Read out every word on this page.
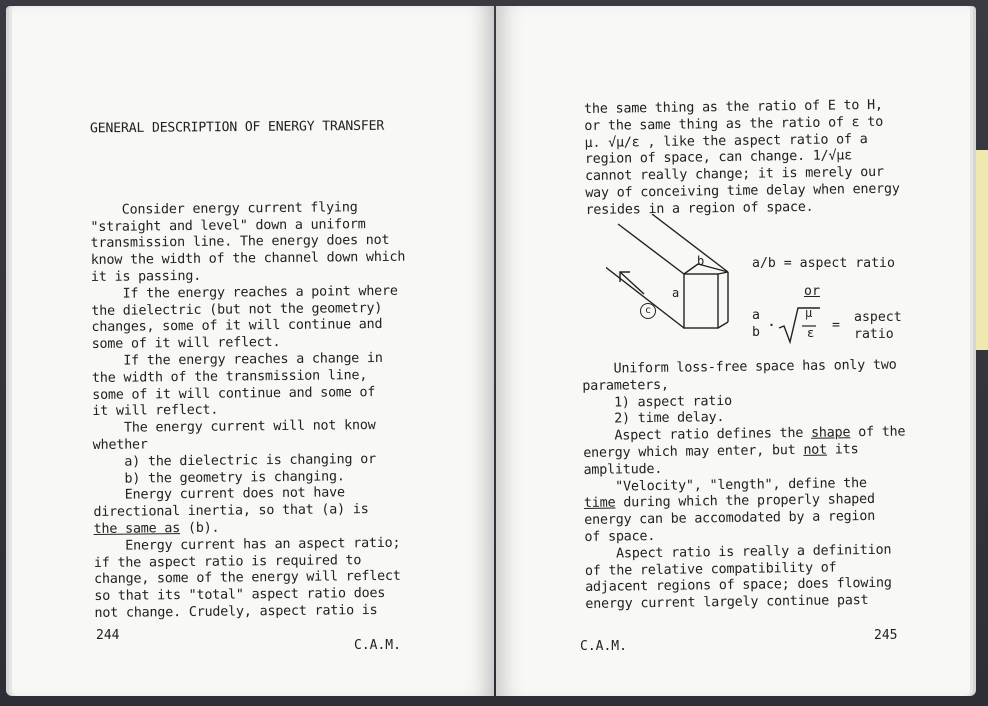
GENERAL DESCRIPTION OF ENERGY TRANSFER
Consider energy current flying
"straight and level" down a uniform
transmission line. The energy does not
know the width of the channel down which
it is passing.
If the energy reaches a point where
the dielectric (but not the geometry)
changes, some of it will continue and
some of it will reflect.
If the energy reaches a change in
the width of the transmission line,
some of it will continue and some of
it will reflect.
The energy current will not know
whether
a) the dielectric is changing or
b) the geometry is changing.
Energy current does not have
directional inertia, so that (a) is
the same as (b).
Energy current has an aspect ratio;
if the aspect ratio is required to
change, some of the energy will reflect
so that its "total" aspect ratio does
not change. Crudely, aspect ratio is
244
C.A.M.
the same thing as the ratio of E to H,
or the same thing as the ratio of ε to
μ. √μ/ε , like the aspect ratio of a
region of space, can change. 1/√με
cannot really change; it is merely our
way of conceiving time delay when energy
resides in a region of space.
b
a
c
a/b = aspect ratio
or
a
b ·
μ
ε =
aspect
ratio
Uniform loss-free space has only two
parameters,
1) aspect ratio
2) time delay.
Aspect ratio defines the shape of the
energy which may enter, but not its
amplitude.
"Velocity", "length", define the
time during which the properly shaped
energy can be accomodated by a region
of space.
Aspect ratio is really a definition
of the relative compatibility of
adjacent regions of space; does flowing
energy current largely continue past
C.A.M.
245
